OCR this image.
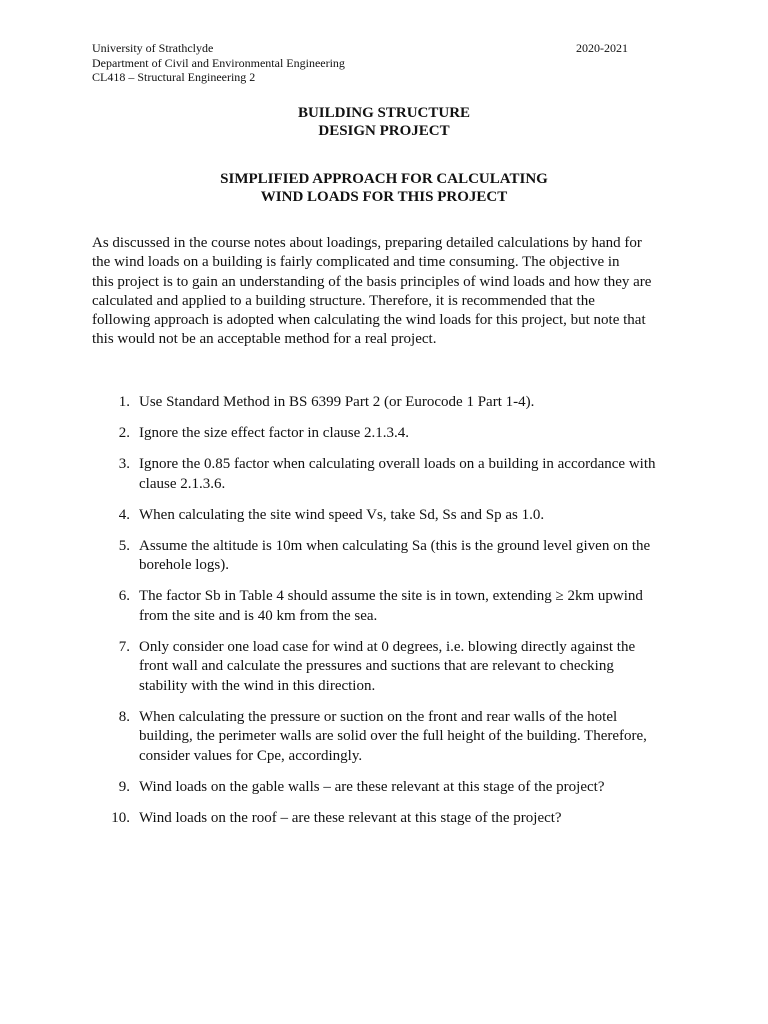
University of Strathclyde
Department of Civil and Environmental Engineering
CL418 – Structural Engineering 2
2020-2021
BUILDING STRUCTURE
DESIGN PROJECT
SIMPLIFIED APPROACH FOR CALCULATING
WIND LOADS FOR THIS PROJECT
As discussed in the course notes about loadings, preparing detailed calculations by hand for
the wind loads on a building is fairly complicated and time consuming. The objective in
this project is to gain an understanding of the basis principles of wind loads and how they are
calculated and applied to a building structure. Therefore, it is recommended that the
following approach is adopted when calculating the wind loads for this project, but note that
this would not be an acceptable method for a real project.
1. Use Standard Method in BS 6399 Part 2 (or Eurocode 1 Part 1-4).
2. Ignore the size effect factor in clause 2.1.3.4.
3. Ignore the 0.85 factor when calculating overall loads on a building in accordance with
clause 2.1.3.6.
4. When calculating the site wind speed Vs, take Sd, Ss and Sp as 1.0.
5. Assume the altitude is 10m when calculating Sa (this is the ground level given on the
borehole logs).
6. The factor Sb in Table 4 should assume the site is in town, extending ≥ 2km upwind
from the site and is 40 km from the sea.
7. Only consider one load case for wind at 0 degrees, i.e. blowing directly against the
front wall and calculate the pressures and suctions that are relevant to checking
stability with the wind in this direction.
8. When calculating the pressure or suction on the front and rear walls of the hotel
building, the perimeter walls are solid over the full height of the building. Therefore,
consider values for Cpe, accordingly.
9. Wind loads on the gable walls – are these relevant at this stage of the project?
10. Wind loads on the roof – are these relevant at this stage of the project?
